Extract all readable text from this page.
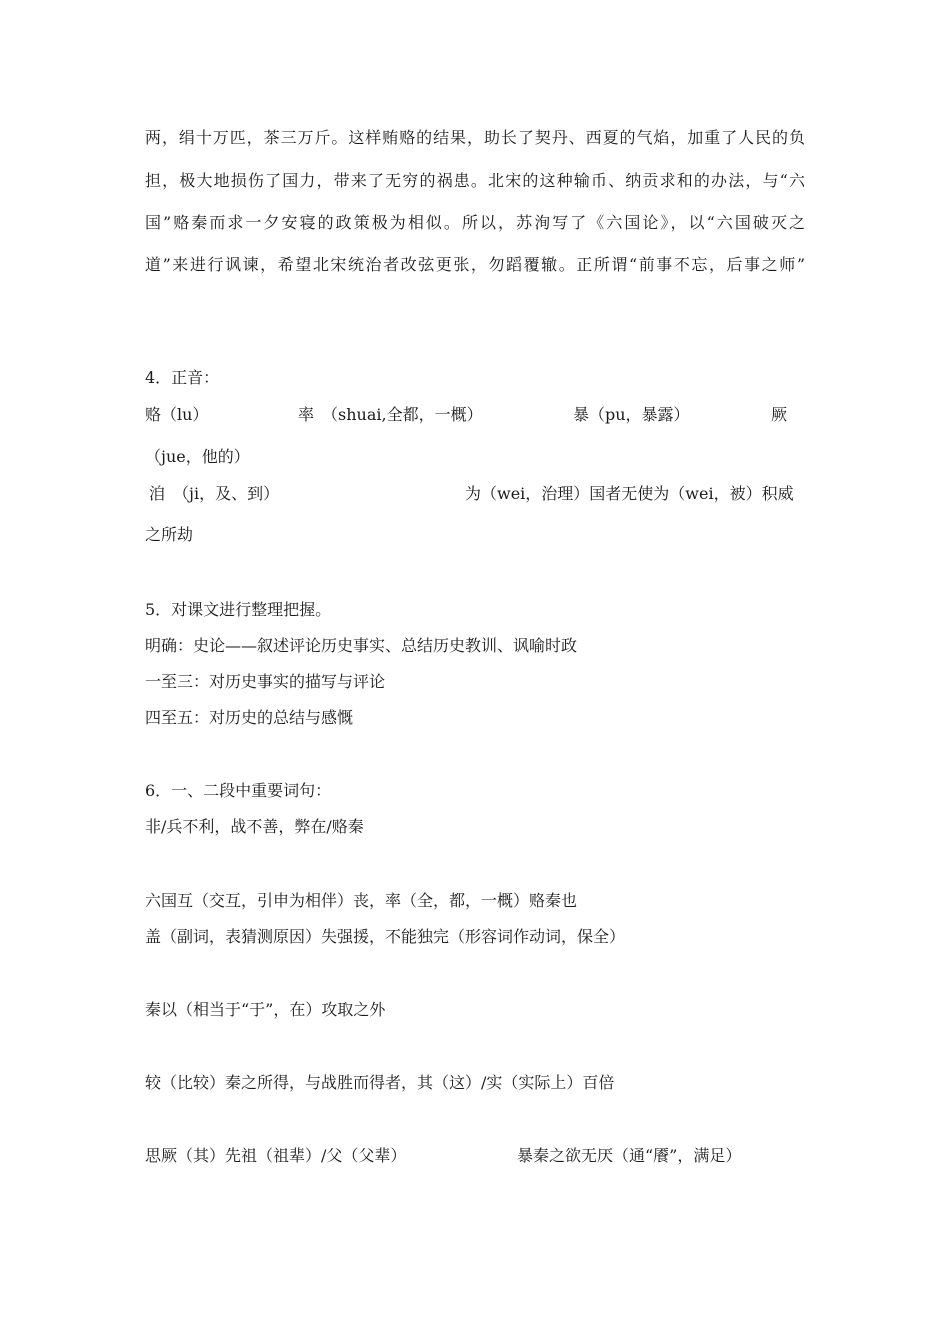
两，绢十万匹，茶三万斤。这样贿赂的结果，助长了契丹、西夏的气焰，加重了人民的负
担，极大地损伤了国力，带来了无穷的祸患。北宋的这种输币、纳贡求和的办法，与“六
国”赂秦而求一夕安寝的政策极为相似。所以，苏洵写了《六国论》，以“六国破灭之
道”来进行讽谏，希望北宋统治者改弦更张，勿蹈覆辙。正所谓“前事不忘，后事之师”
4．正音：
赂（lu）	率　（shuai,全都，一概）	暴（pu，暴露）	厥
（jue，他的）
洎　（ji，及、到）	为（wei，治理）国者无使为（wei，被）积威
之所劫
5．对课文进行整理把握。
明确：史论——叙述评论历史事实、总结历史教训、讽喻时政
一至三：对历史事实的描写与评论
四至五：对历史的总结与感慨
6．一、二段中重要词句：
非/兵不利，战不善，弊在/赂秦
六国互（交互，引申为相伴）丧，率（全，都，一概）赂秦也
盖（副词，表猜测原因）失强援，不能独完（形容词作动词，保全）
秦以（相当于“于”，在）攻取之外
较（比较）秦之所得，与战胜而得者，其（这）/实（实际上）百倍
思厥（其）先祖（祖辈）/父（父辈）	暴秦之欲无厌（通“餍”，满足）
